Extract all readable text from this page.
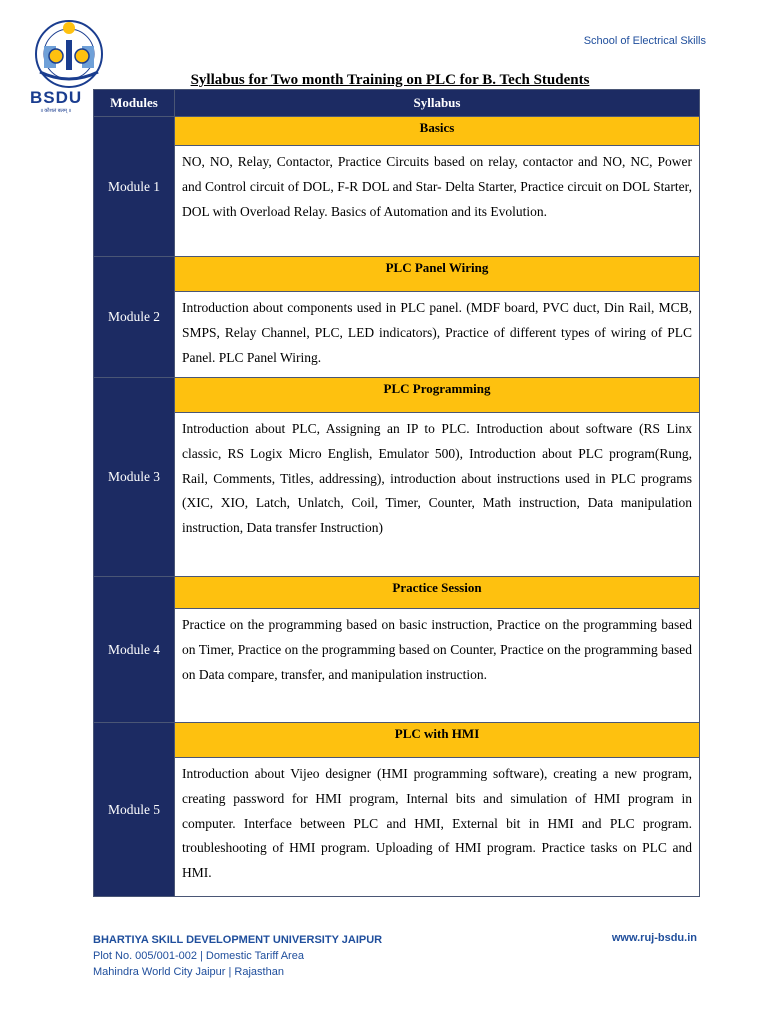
BSDU
॥ कौशलं बलम् ॥
School of Electrical Skills
Syllabus for Two month Training on PLC for B. Tech Students
Modules	Syllabus
Module 1	Basics
	NO, NO, Relay, Contactor, Practice Circuits based on relay, contactor and NO, NC, Power and Control circuit of DOL, F-R DOL and Star- Delta Starter, Practice circuit on DOL Starter, DOL with Overload Relay. Basics of Automation and its Evolution.
Module 2	PLC Panel Wiring
	Introduction about components used in PLC panel. (MDF board, PVC duct, Din Rail, MCB, SMPS, Relay Channel, PLC, LED indicators), Practice of different types of wiring of PLC Panel. PLC Panel Wiring.
Module 3	PLC Programming
	Introduction about PLC, Assigning an IP to PLC. Introduction about software (RS Linx classic, RS Logix Micro English, Emulator 500), Introduction about PLC program(Rung, Rail, Comments, Titles, addressing), introduction about instructions used in PLC programs (XIC, XIO, Latch, Unlatch, Coil, Timer, Counter, Math instruction, Data manipulation instruction, Data transfer Instruction)
Module 4	Practice Session
	Practice on the programming based on basic instruction, Practice on the programming based on Timer, Practice on the programming based on Counter, Practice on the programming based on Data compare, transfer, and manipulation instruction.
Module 5	PLC with HMI
	Introduction about Vijeo designer (HMI programming software), creating a new program, creating password for HMI program, Internal bits and simulation of HMI program in computer. Interface between PLC and HMI, External bit in HMI and PLC program. troubleshooting of HMI program. Uploading of HMI program. Practice tasks on PLC and HMI.
BHARTIYA SKILL DEVELOPMENT UNIVERSITY JAIPUR
Plot No. 005/001-002 | Domestic Tariff Area
Mahindra World City Jaipur | Rajasthan
www.ruj-bsdu.in
